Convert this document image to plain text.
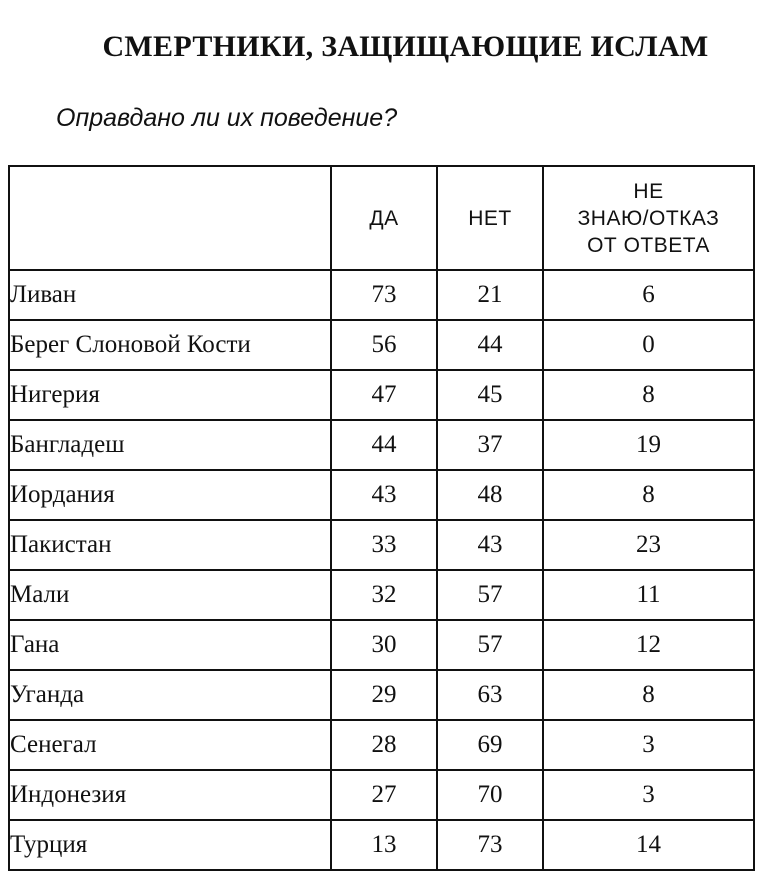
СМЕРТНИКИ, ЗАЩИЩАЮЩИЕ ИСЛАМ
Оправдано ли их поведение?
	ДА	НЕТ	НЕ
ЗНАЮ/ОТКАЗ
ОТ ОТВЕТА

Ливан	73	21	6
Берег Слоновой Кости	56	44	0
Нигерия	47	45	8
Бангладеш	44	37	19
Иордания	43	48	8
Пакистан	33	43	23
Мали	32	57	11
Гана	30	57	12
Уганда	29	63	8
Сенегал	28	69	3
Индонезия	27	70	3
Турция	13	73	14
